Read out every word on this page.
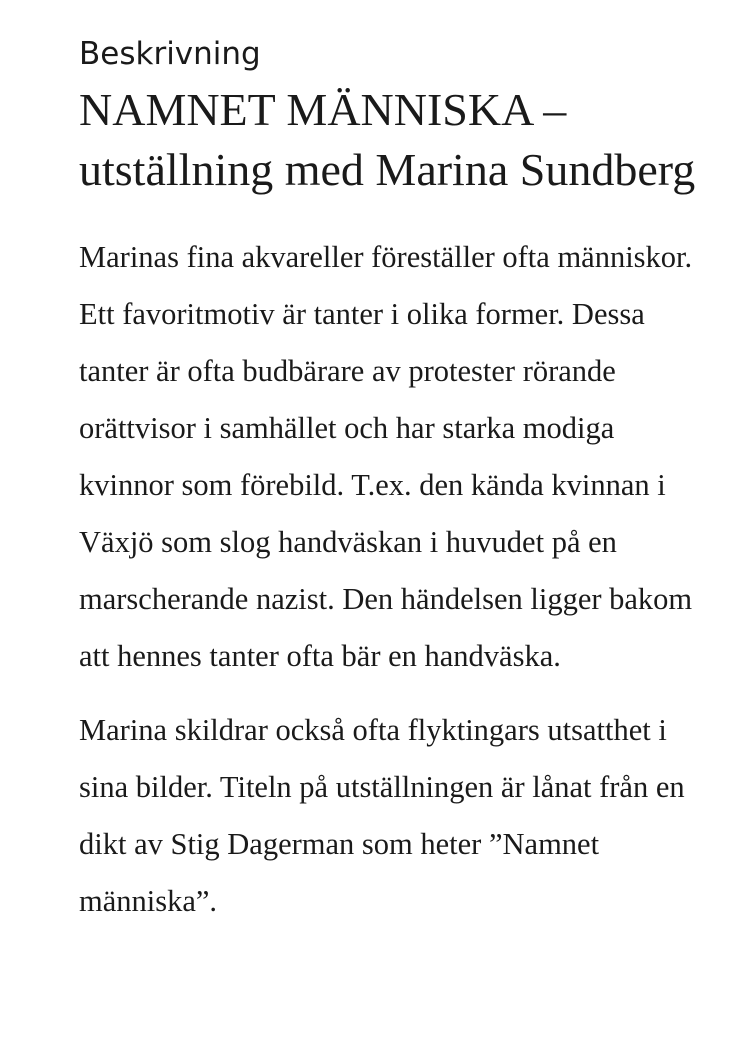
Beskrivning
NAMNET MÄNNISKA – utställning med Marina Sundberg

Marinas fina akvareller föreställer ofta människor. Ett favoritmotiv är tanter i olika former. Dessa tanter är ofta budbärare av protester rörande orättvisor i samhället och har starka modiga kvinnor som förebild. T.ex. den kända kvinnan i Växjö som slog handväskan i huvudet på en marscherande nazist. Den händelsen ligger bakom att hennes tanter ofta bär en handväska.

Marina skildrar också ofta flyktingars utsatthet i sina bilder. Titeln på utställningen är lånat från en dikt av Stig Dagerman som heter ”Namnet människa”.
